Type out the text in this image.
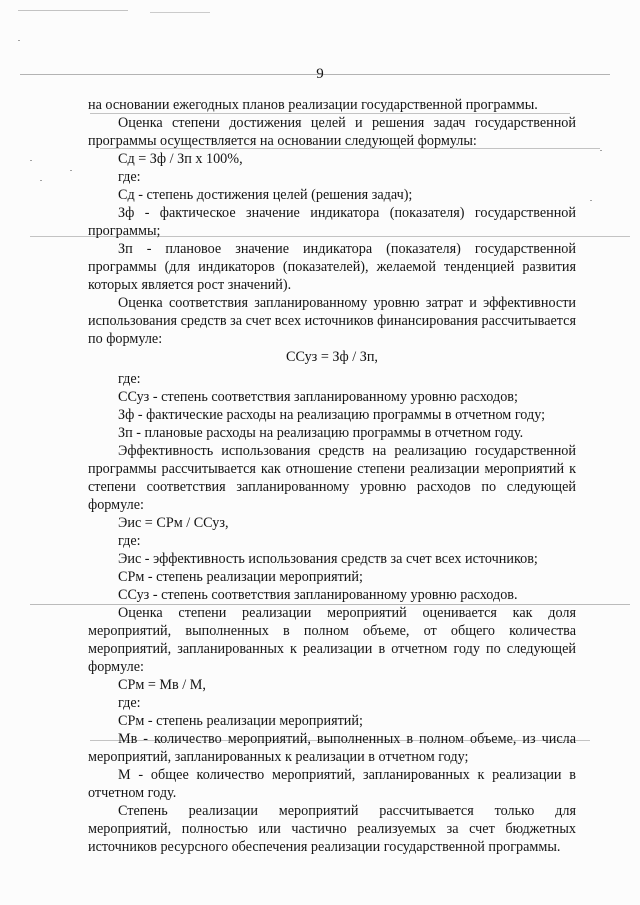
9

на основании ежегодных планов реализации государственной программы.

Оценка степени достижения целей и решения задач государственной программы осуществляется на основании следующей формулы:

Сд = Зф / Зп х 100%,

где:

Сд - степень достижения целей (решения задач);

Зф - фактическое значение индикатора (показателя) государственной программы;

Зп - плановое значение индикатора (показателя) государственной программы (для индикаторов (показателей), желаемой тенденцией развития которых является рост значений).

Оценка соответствия запланированному уровню затрат и эффективности использования средств за счет всех источников финансирования рассчитывается по формуле:

ССуз = Зф / Зп,

где:

ССуз - степень соответствия запланированному уровню расходов;

Зф - фактические расходы на реализацию программы в отчетном году;

Зп - плановые расходы на реализацию программы в отчетном году.

Эффективность использования средств на реализацию государственной программы рассчитывается как отношение степени реализации мероприятий к степени соответствия запланированному уровню расходов по следующей формуле:

Эис = СРм / ССуз,

где:

Эис - эффективность использования средств за счет всех источников;

СРм - степень реализации мероприятий;

ССуз - степень соответствия запланированному уровню расходов.

Оценка степени реализации мероприятий оценивается как доля мероприятий, выполненных в полном объеме, от общего количества мероприятий, запланированных к реализации в отчетном году по следующей формуле:

СРм = Мв / М,

где:

СРм - степень реализации мероприятий;

Мв - количество мероприятий, выполненных в полном объеме, из числа мероприятий, запланированных к реализации в отчетном году;

М - общее количество мероприятий, запланированных к реализации в отчетном году.

Степень реализации мероприятий рассчитывается только для мероприятий, полностью или частично реализуемых за счет бюджетных источников ресурсного обеспечения реализации государственной программы.
